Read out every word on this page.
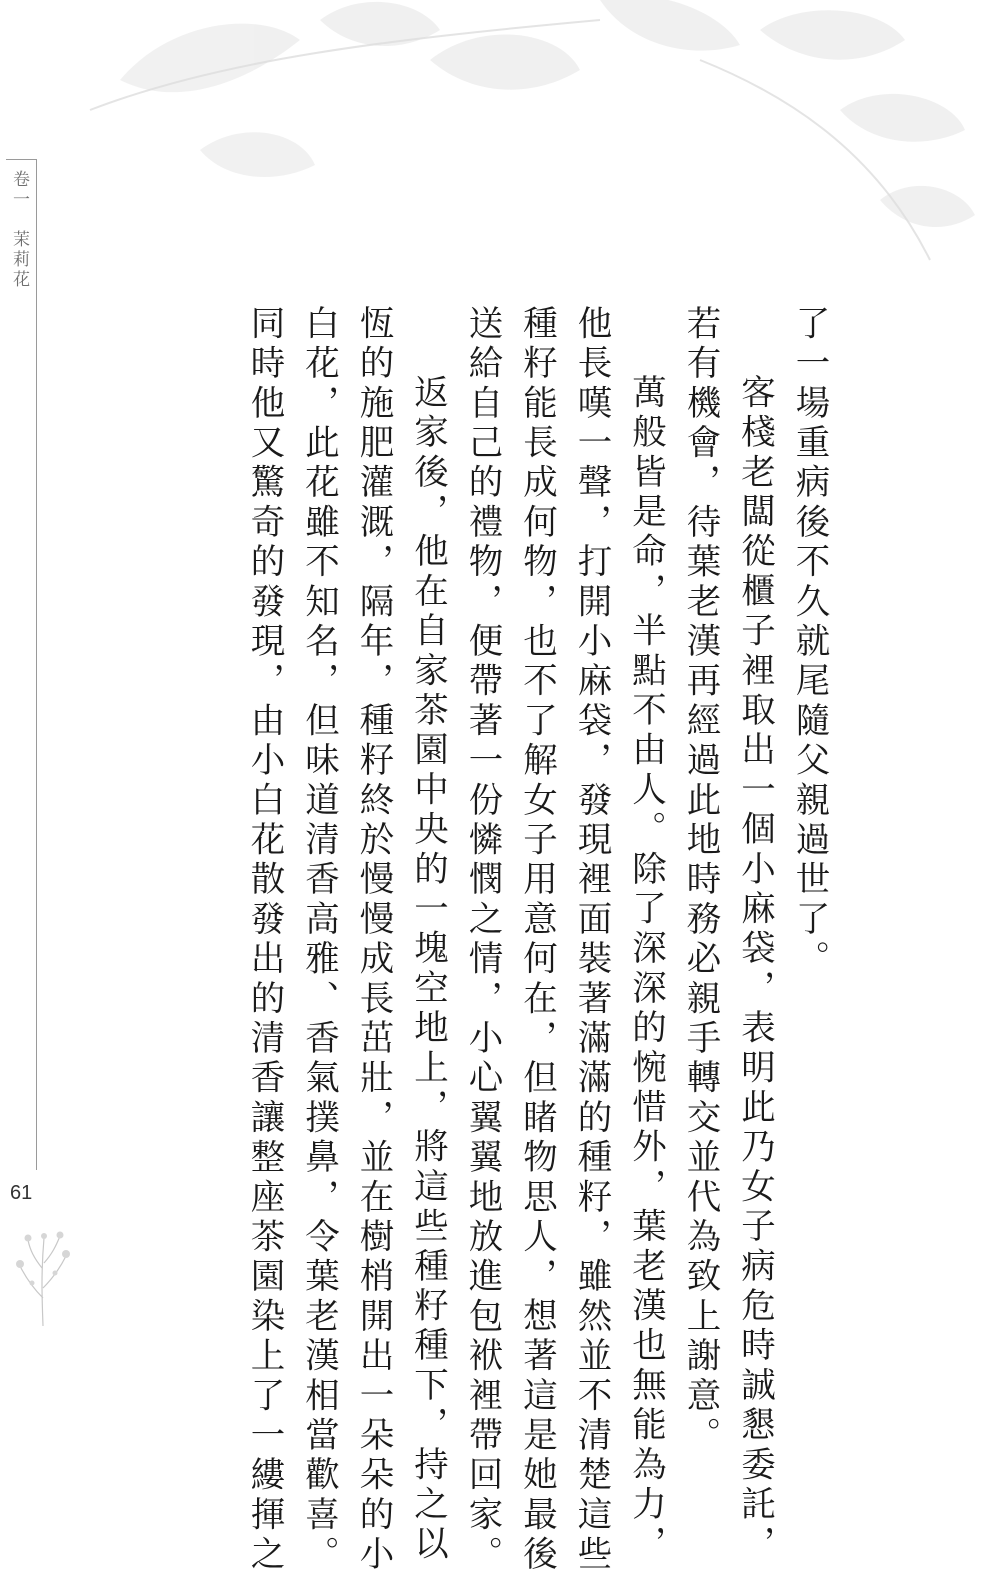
卷一　茉莉花
61

了一場重病後不久就尾隨父親過世了。

客棧老闆從櫃子裡取出一個小麻袋，表明此乃女子病危時誠懇委託，

若有機會，待葉老漢再經過此地時務必親手轉交並代為致上謝意。

萬般皆是命，半點不由人。除了深深的惋惜外，葉老漢也無能為力，

他長嘆一聲，打開小麻袋，發現裡面裝著滿滿的種籽，雖然並不清楚這些

種籽能長成何物，也不了解女子用意何在，但睹物思人，想著這是她最後

送給自己的禮物，便帶著一份憐憫之情，小心翼翼地放進包袱裡帶回家。

返家後，他在自家茶園中央的一塊空地上，將這些種籽種下，持之以

恆的施肥灌溉，隔年，種籽終於慢慢成長茁壯，並在樹梢開出一朵朵的小

白花，此花雖不知名，但味道清香高雅、香氣撲鼻，令葉老漢相當歡喜。

同時他又驚奇的發現，由小白花散發出的清香讓整座茶園染上了一縷揮之
